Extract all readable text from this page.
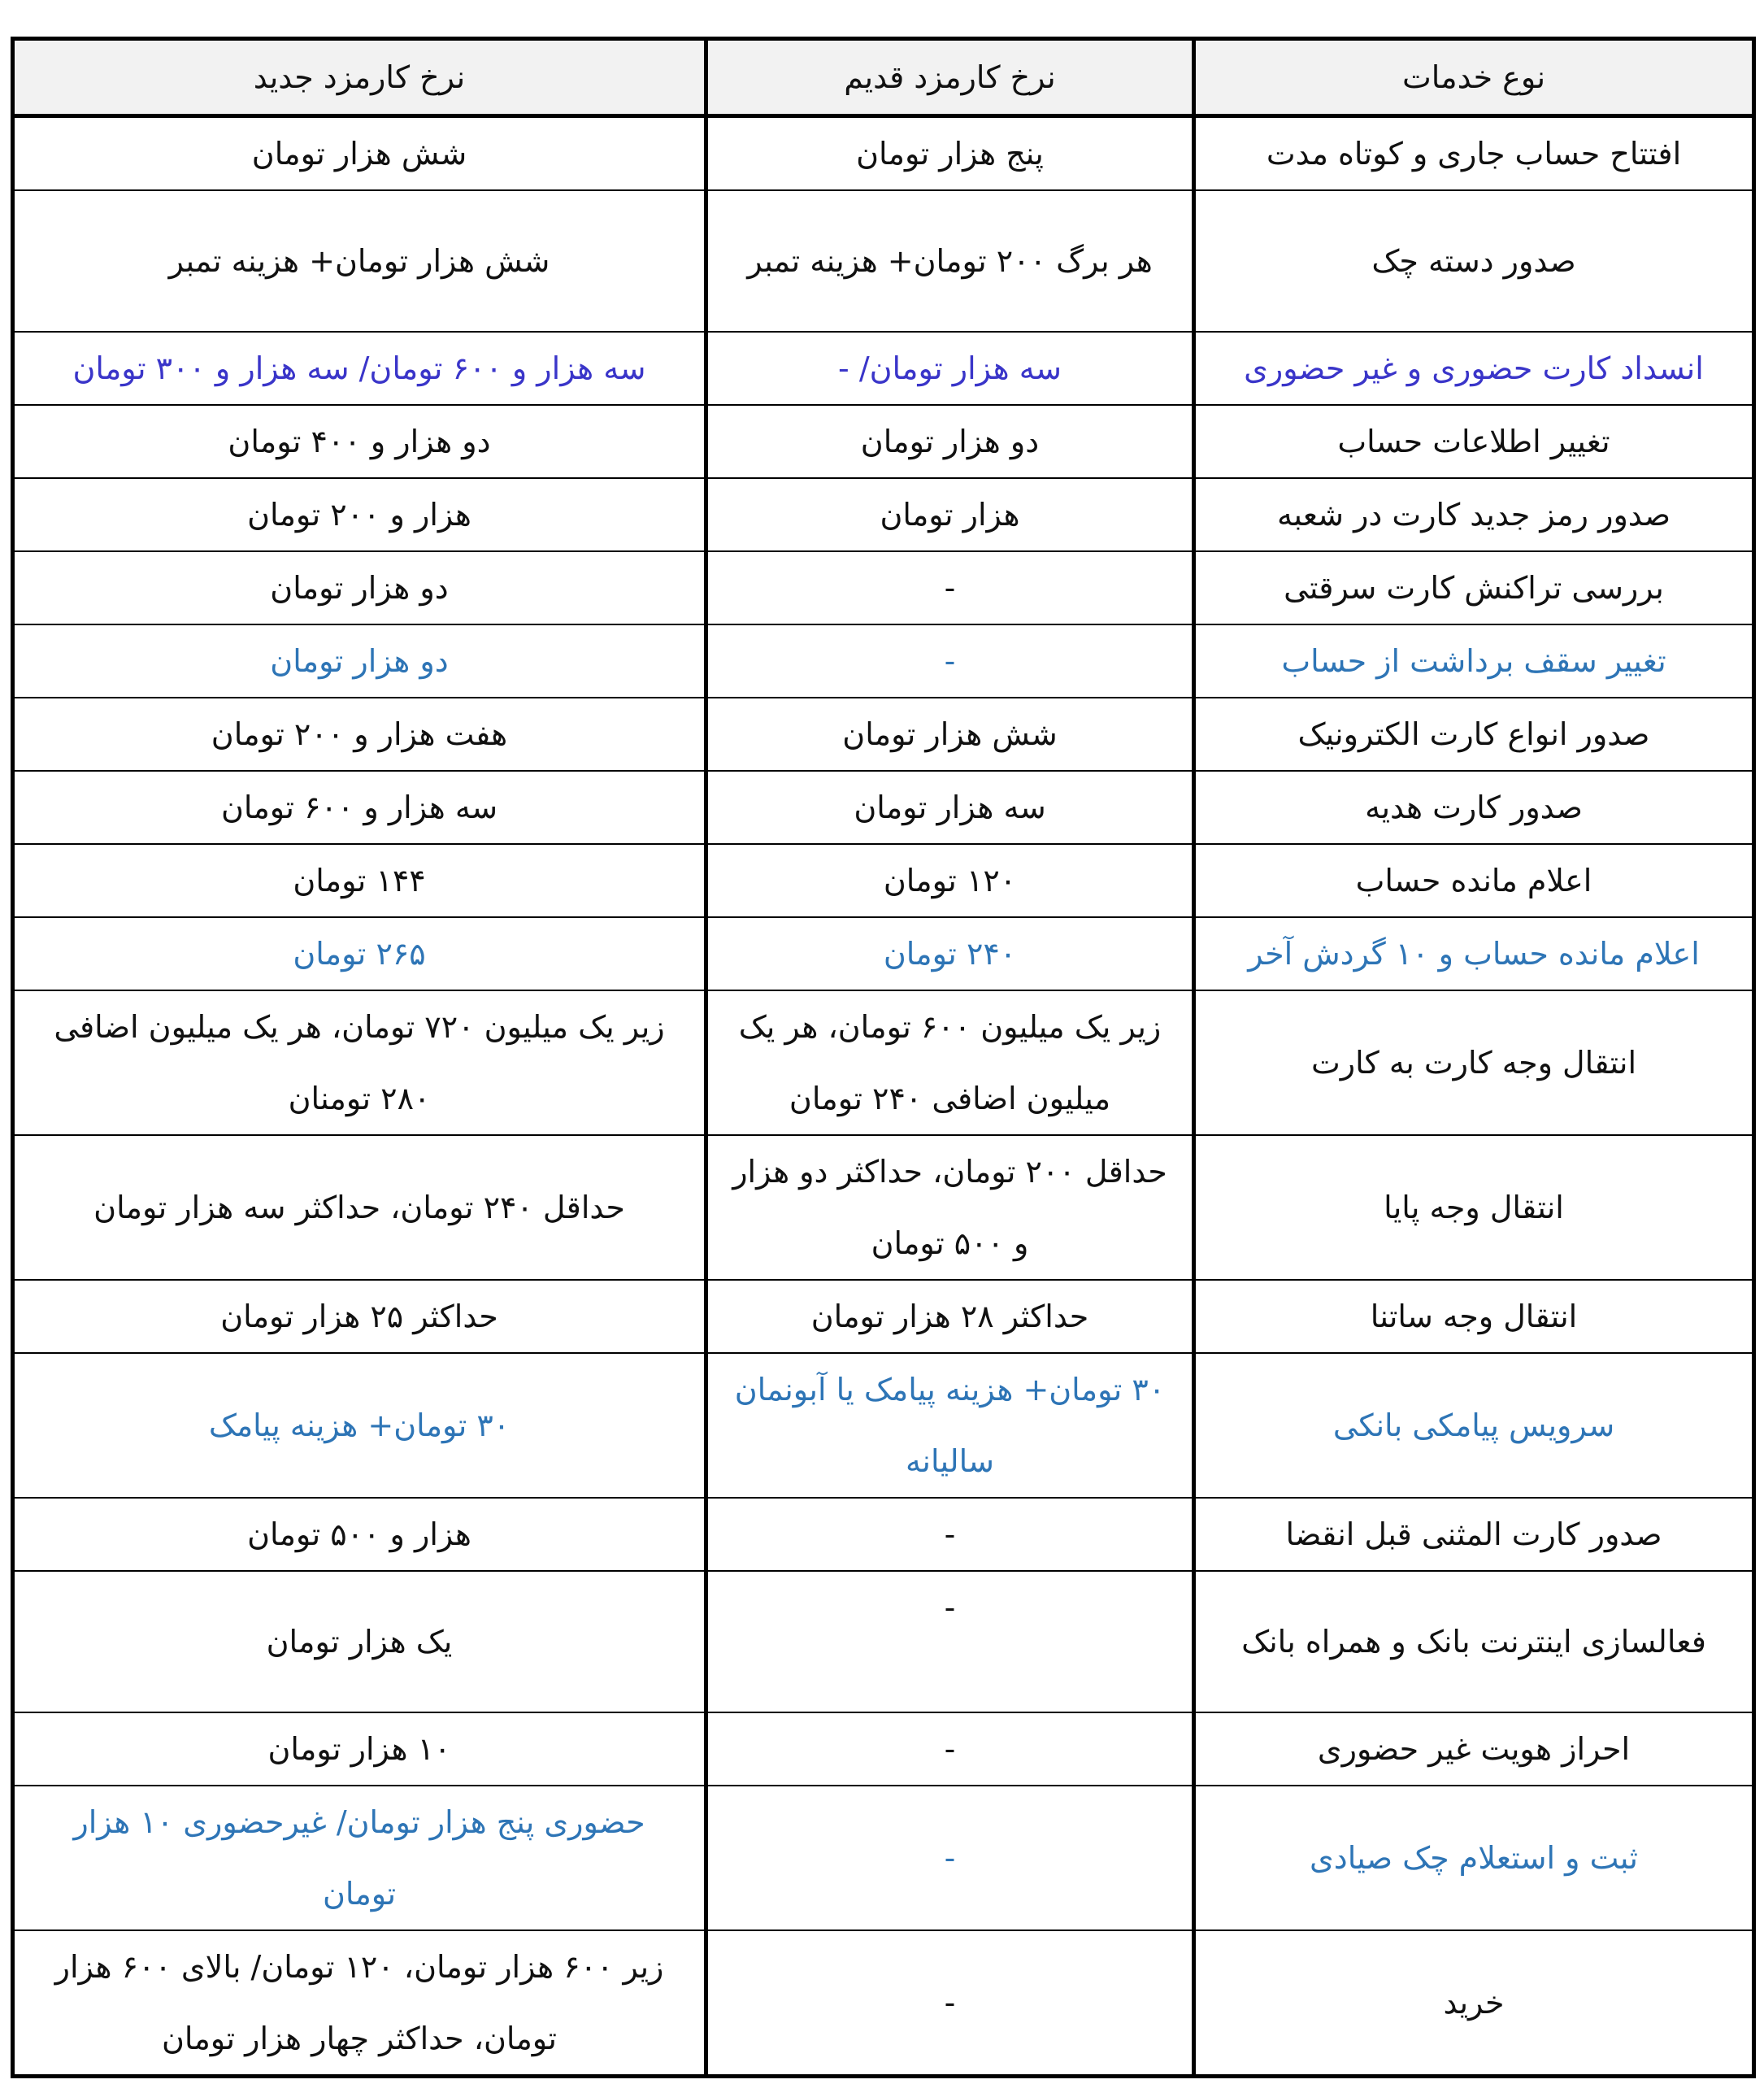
نوع خدمات	نرخ کارمزد قدیم	نرخ کارمزد جدید
افتتاح حساب جاری و کوتاه مدت	پنج هزار تومان	شش هزار تومان
صدور دسته چک	هر برگ ۲۰۰ تومان+ هزینه تمبر	شش هزار تومان+ هزینه تمبر
انسداد کارت حضوری و غیر حضوری	سه هزار تومان/ -	سه هزار و ۶۰۰ تومان/ سه هزار و ۳۰۰ تومان
تغییر اطلاعات حساب	دو هزار تومان	دو هزار و ۴۰۰ تومان
صدور رمز جدید کارت در شعبه	هزار تومان	هزار و ۲۰۰ تومان
بررسی تراکنش کارت سرقتی	-	دو هزار تومان
تغییر سقف برداشت از حساب	-	دو هزار تومان
صدور انواع کارت الکترونیک	شش هزار تومان	هفت هزار و ۲۰۰ تومان
صدور کارت هدیه	سه هزار تومان	سه هزار و ۶۰۰ تومان
اعلام مانده حساب	۱۲۰ تومان	۱۴۴ تومان
اعلام مانده حساب و ۱۰ گردش آخر	۲۴۰ تومان	۲۶۵ تومان
انتقال وجه کارت به کارت	زیر یک میلیون ۶۰۰ تومان، هر یک میلیون اضافی ۲۴۰ تومان	زیر یک میلیون ۷۲۰ تومان، هر یک میلیون اضافی ۲۸۰ تومنان
انتقال وجه پایا	حداقل ۲۰۰ تومان، حداکثر دو هزار و ۵۰۰ تومان	حداقل ۲۴۰ تومان، حداکثر سه هزار تومان
انتقال وجه ساتنا	حداکثر ۲۸ هزار تومان	حداکثر ۲۵ هزار تومان
سرویس پیامکی بانکی	۳۰ تومان+ هزینه پیامک یا آبونمان سالیانه	۳۰ تومان+ هزینه پیامک
صدور کارت المثنی قبل انقضا	-	هزار و ۵۰۰ تومان
فعالسازی اینترنت بانک و همراه بانک	-	یک هزار تومان
احراز هویت غیر حضوری	-	۱۰ هزار تومان
ثبت و استعلام چک صیادی	-	حضوری پنج هزار تومان/ غیرحضوری ۱۰ هزار تومان
خرید	-	زیر ۶۰۰ هزار تومان، ۱۲۰ تومان/ بالای ۶۰۰ هزار تومان، حداکثر چهار هزار تومان
